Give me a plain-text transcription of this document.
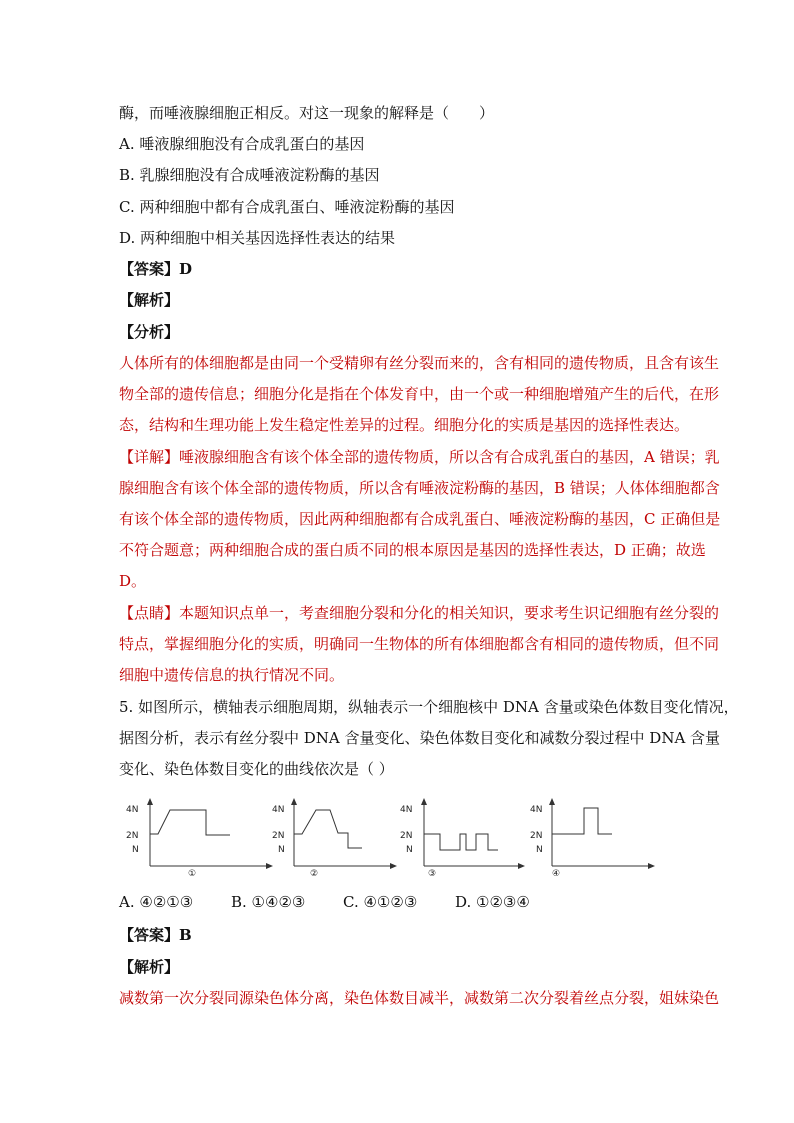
酶，而唾液腺细胞正相反。对这一现象的解释是（　　）
A. 唾液腺细胞没有合成乳蛋白的基因
B. 乳腺细胞没有合成唾液淀粉酶的基因
C. 两种细胞中都有合成乳蛋白、唾液淀粉酶的基因
D. 两种细胞中相关基因选择性表达的结果
【答案】D
【解析】
【分析】
人体所有的体细胞都是由同一个受精卵有丝分裂而来的，含有相同的遗传物质，且含有该生
物全部的遗传信息；细胞分化是指在个体发育中，由一个或一种细胞增殖产生的后代，在形
态，结构和生理功能上发生稳定性差异的过程。细胞分化的实质是基因的选择性表达。
【详解】唾液腺细胞含有该个体全部的遗传物质，所以含有合成乳蛋白的基因，A 错误；乳
腺细胞含有该个体全部的遗传物质，所以含有唾液淀粉酶的基因，B 错误；人体体细胞都含
有该个体全部的遗传物质，因此两种细胞都有合成乳蛋白、唾液淀粉酶的基因，C 正确但是
不符合题意；两种细胞合成的蛋白质不同的根本原因是基因的选择性表达，D 正确；故选
D。
【点睛】本题知识点单一，考查细胞分裂和分化的相关知识，要求考生识记细胞有丝分裂的
特点，掌握细胞分化的实质，明确同一生物体的所有体细胞都含有相同的遗传物质，但不同
细胞中遗传信息的执行情况不同。
5. 如图所示，横轴表示细胞周期，纵轴表示一个细胞核中 DNA 含量或染色体数目变化情况，
据图分析，表示有丝分裂中 DNA 含量变化、染色体数目变化和减数分裂过程中 DNA 含量
变化、染色体数目变化的曲线依次是（ ）
4N
2N
N
①
4N
2N
N
②
4N
2N
N
③
4N
2N
N
④
A. ④②①③	B. ①④②③	C. ④①②③	D. ①②③④
【答案】B
【解析】
减数第一次分裂同源染色体分离，染色体数目减半，减数第二次分裂着丝点分裂，姐妹染色
